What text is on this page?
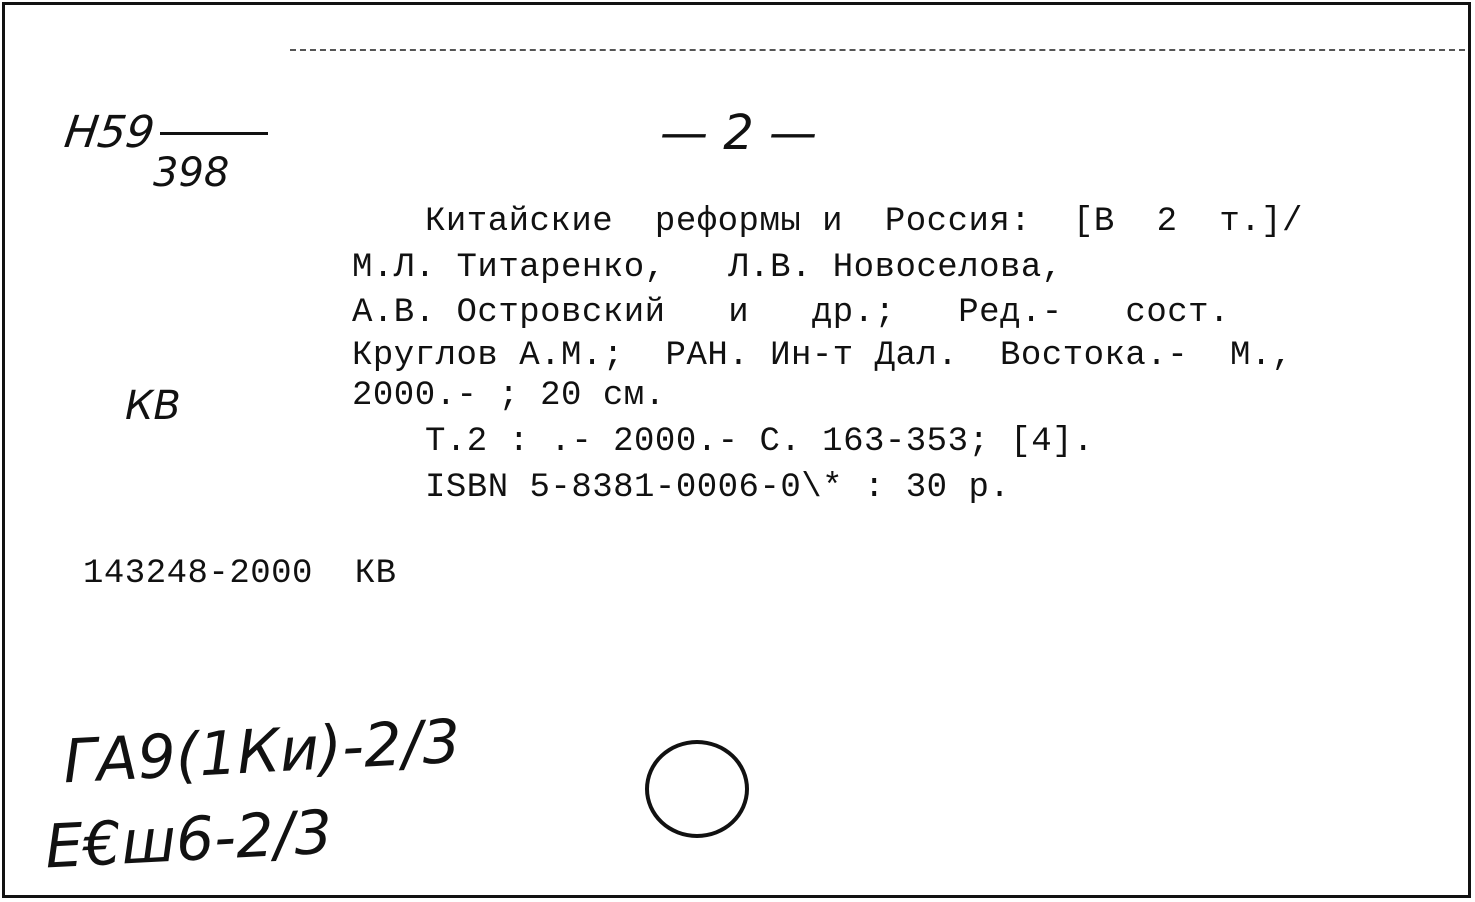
H59
398
— 2 —
Китайские  реформы и  Россия:  [В  2  т.]/
М.Л. Титаренко,   Л.В. Новоселова,
А.В. Островский   и   др.;   Ред.-   сост.
Круглов А.М.;  РАН. Ин-т Дал.  Востока.-  М.,
2000.- ; 20 см.
Т.2 : .- 2000.- С. 163-353; [4].
ISBN 5-8381-0006-0\* : 30 р.
КВ
143248-2000  КВ
ГА9(1Ки)-2/3
Е€ш6-2/3
